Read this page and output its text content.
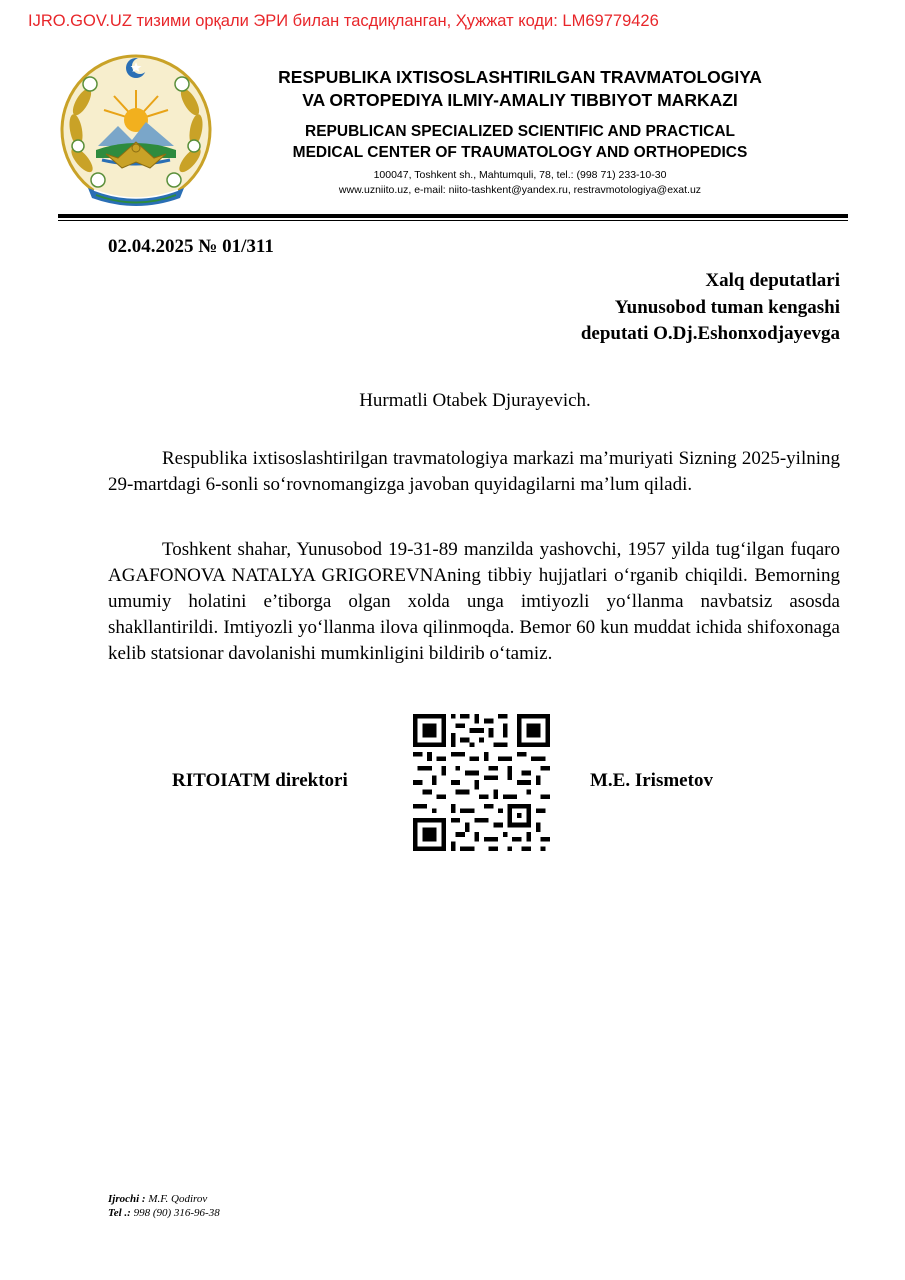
IJRO.GOV.UZ тизими орқали ЭРИ билан тасдиқланган, Ҳужжат коди: LM69779426
RESPUBLIKA IXTISOSLASHTIRILGAN TRAVMATOLOGIYA
VA ORTOPEDIYA ILMIY-AMALIY TIBBIYOT MARKAZI
REPUBLICAN SPECIALIZED SCIENTIFIC AND PRACTICAL
MEDICAL CENTER OF TRAUMATOLOGY AND ORTHOPEDICS
100047, Toshkent sh., Mahtumquli, 78, tel.: (998 71) 233-10-30
www.uzniito.uz, e-mail: niito-tashkent@yandex.ru, restravmotologiya@exat.uz
02.04.2025 № 01/311
Xalq deputatlari
Yunusobod tuman kengashi
deputati O.Dj.Eshonxodjayevga
Hurmatli Otabek Djurayevich.

Respublika ixtisoslashtirilgan travmatologiya markazi ma’muriyati Sizning 2025-yilning 29-martdagi 6-sonli so‘rovnomangizga javoban quyidagilarni ma’lum qiladi.

Toshkent shahar, Yunusobod 19-31-89 manzilda yashovchi, 1957 yilda tug‘ilgan fuqaro AGAFONOVA NATALYA GRIGOREVNAning tibbiy hujjatlari o‘rganib chiqildi. Bemorning umumiy holatini e’tiborga olgan xolda unga imtiyozli yo‘llanma navbatsiz asosda shakllantirildi. Imtiyozli yo‘llanma ilova qilinmoqda. Bemor 60 kun muddat ichida shifoxonaga kelib statsionar davolanishi mumkinligini bildirib o‘tamiz.

RITOIATM direktori	M.E. Irismetov
Ijrochi : M.F. Qodirov
Tel .: 998 (90) 316-96-38
